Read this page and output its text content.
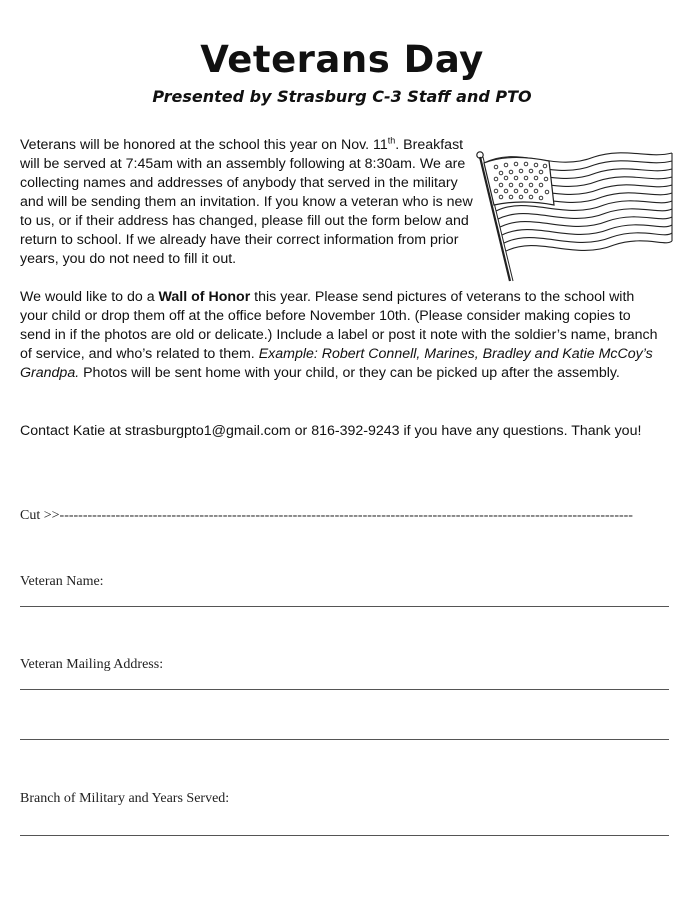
Veterans Day
Presented by Strasburg C-3 Staff and PTO

Veterans will be honored at the school this year on Nov. 11th. Breakfast will be served at 7:45am with an assembly following at 8:30am. We are collecting names and addresses of anybody that served in the military and will be sending them an invitation. If you know a veteran who is new to us, or if their address has changed, please fill out the form below and return to school. If we already have their correct information from prior years, you do not need to fill it out.

We would like to do a Wall of Honor this year. Please send pictures of veterans to the school with your child or drop them off at the office before November 10th. (Please consider making copies to send in if the photos are old or delicate.) Include a label or post it note with the soldier’s name, branch of service, and who’s related to them. Example: Robert Connell, Marines, Bradley and Katie McCoy’s Grandpa. Photos will be sent home with your child, or they can be picked up after the assembly.

Contact Katie at strasburgpto1@gmail.com or 816-392-9243 if you have any questions. Thank you!

Cut >>---------------------------------------------------------------------------------------------------------------------------
Veteran Name:
Veteran Mailing Address:
Branch of Military and Years Served:
